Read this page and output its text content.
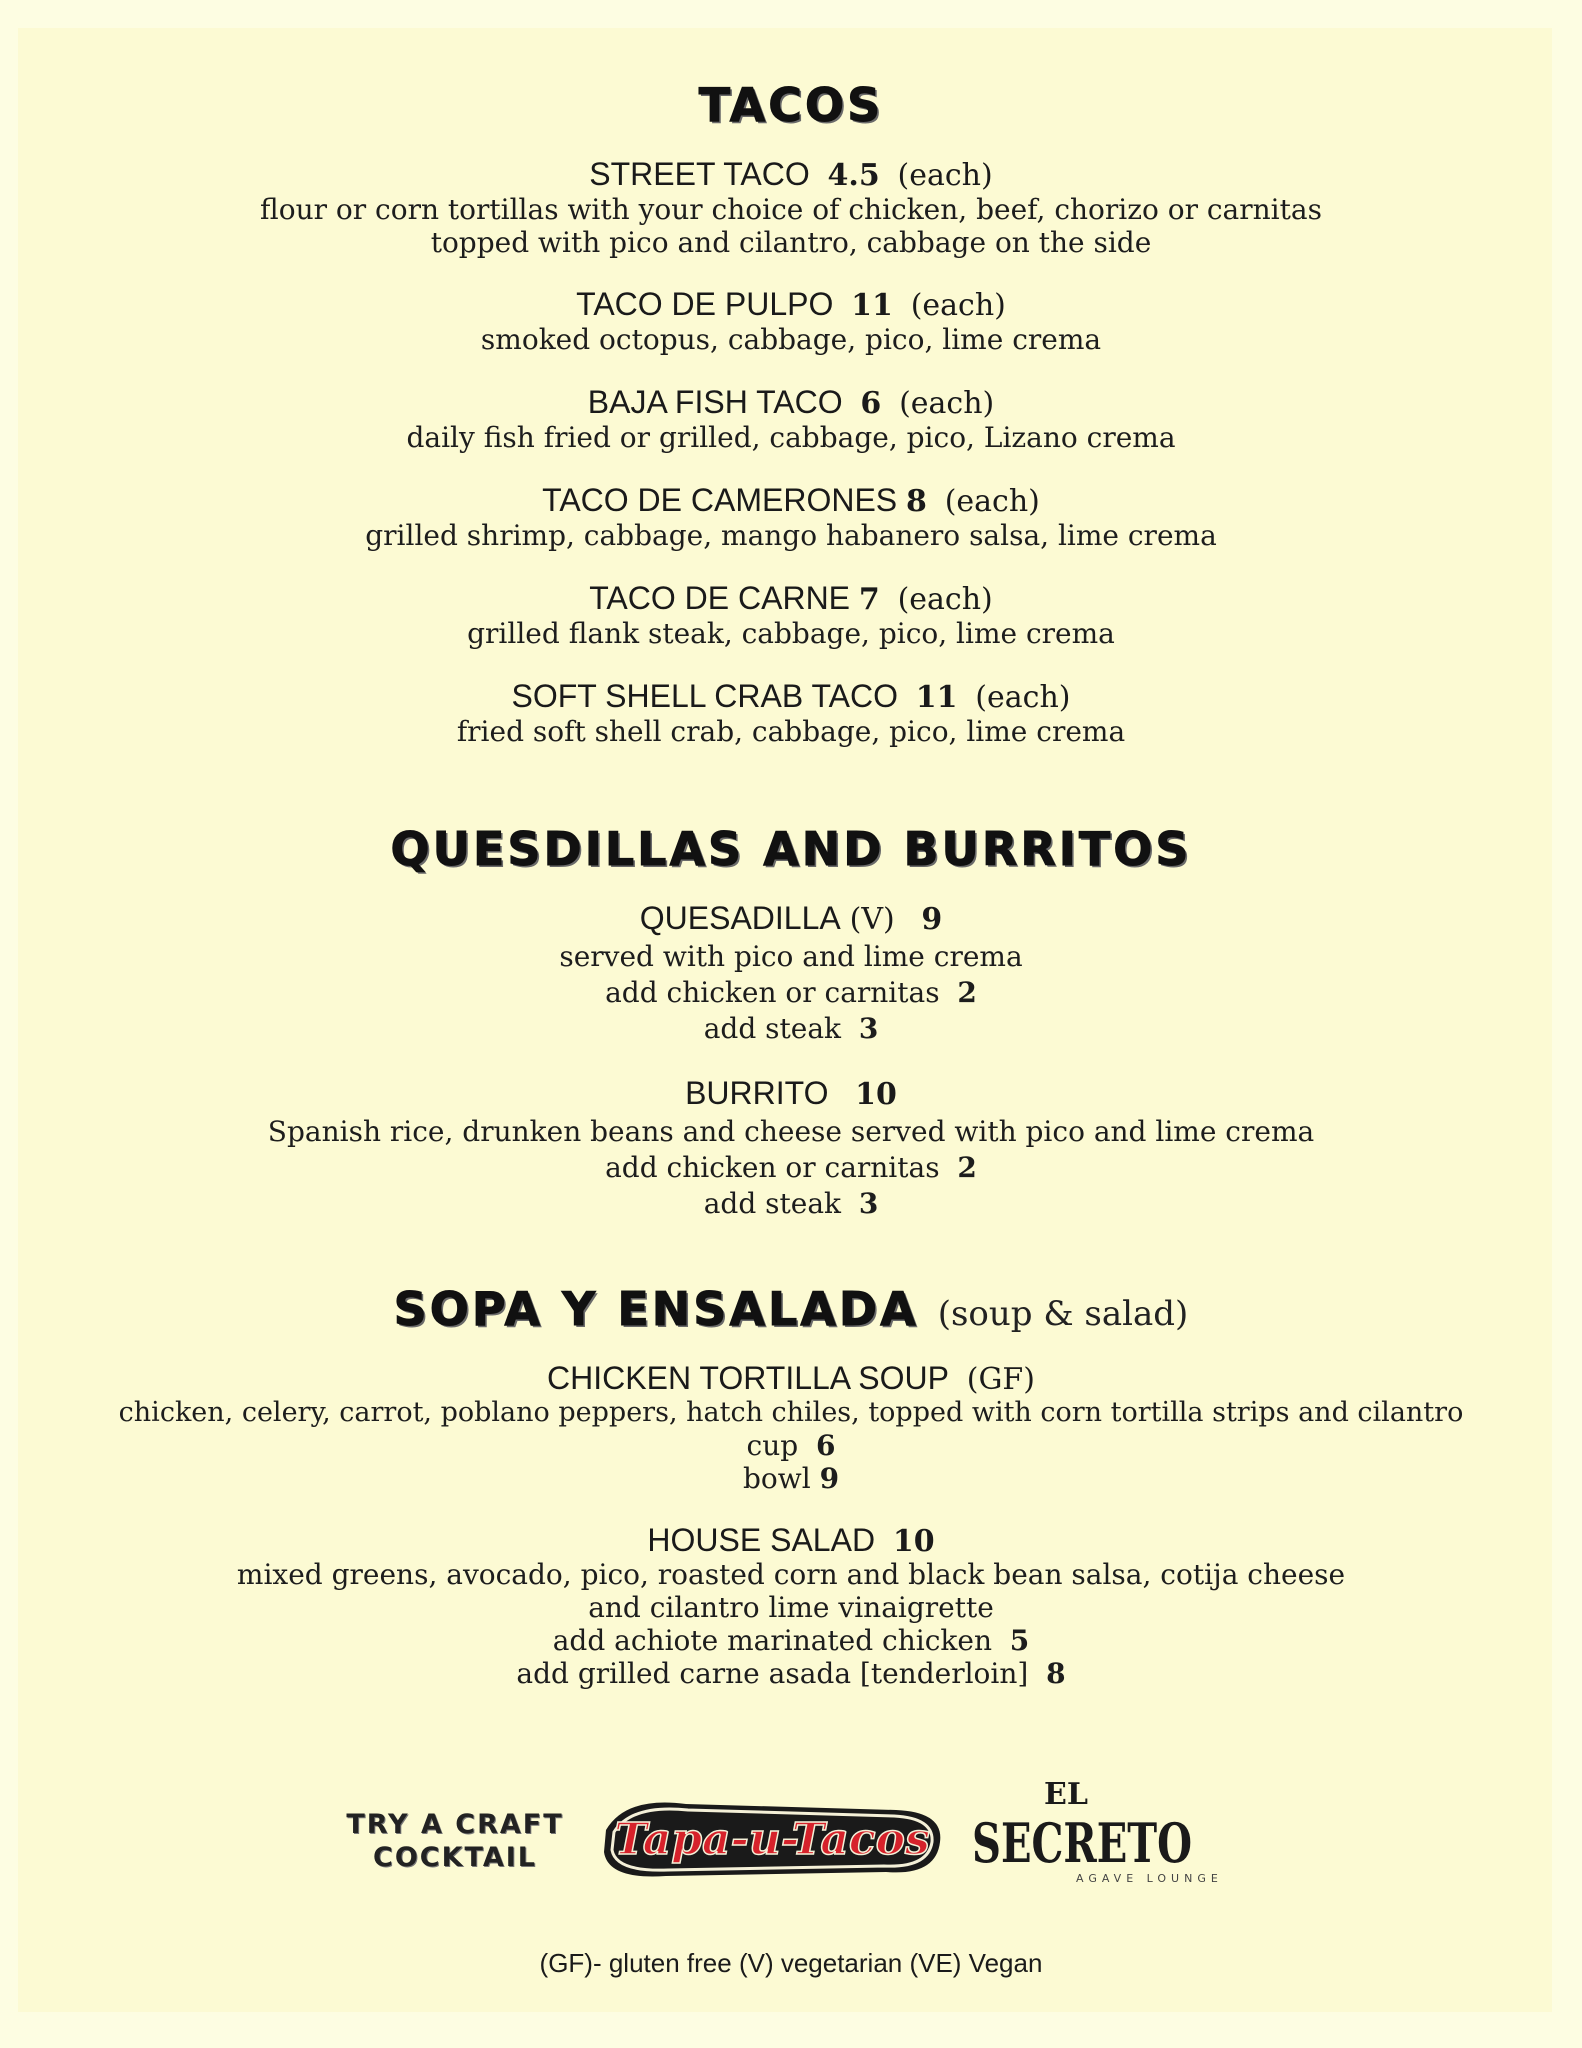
TACOS
STREET TACO 4.5 (each)
flour or corn tortillas with your choice of chicken, beef, chorizo or carnitas
topped with pico and cilantro, cabbage on the side
TACO DE PULPO 11 (each)
smoked octopus, cabbage, pico, lime crema
BAJA FISH TACO 6 (each)
daily fish fried or grilled, cabbage, pico, Lizano crema
TACO DE CAMERONES 8 (each)
grilled shrimp, cabbage, mango habanero salsa, lime crema
TACO DE CARNE 7 (each)
grilled flank steak, cabbage, pico, lime crema
SOFT SHELL CRAB TACO 11 (each)
fried soft shell crab, cabbage, pico, lime crema
QUESDILLAS AND BURRITOS
QUESADILLA (V) 9
served with pico and lime crema
add chicken or carnitas 2
add steak 3
BURRITO 10
Spanish rice, drunken beans and cheese served with pico and lime crema
add chicken or carnitas 2
add steak 3
SOPA Y ENSALADA (soup & salad)
CHICKEN TORTILLA SOUP (GF)
chicken, celery, carrot, poblano peppers, hatch chiles, topped with corn tortilla strips and cilantro
cup 6
bowl 9
HOUSE SALAD 10
mixed greens, avocado, pico, roasted corn and black bean salsa, cotija cheese
and cilantro lime vinaigrette
add achiote marinated chicken 5
add grilled carne asada [tenderloin] 8
TRY A CRAFT
COCKTAIL	Tapa-u-Tacos
EL
SECRETO
AGAVE LOUNGE
(GF)- gluten free (V) vegetarian (VE) Vegan
